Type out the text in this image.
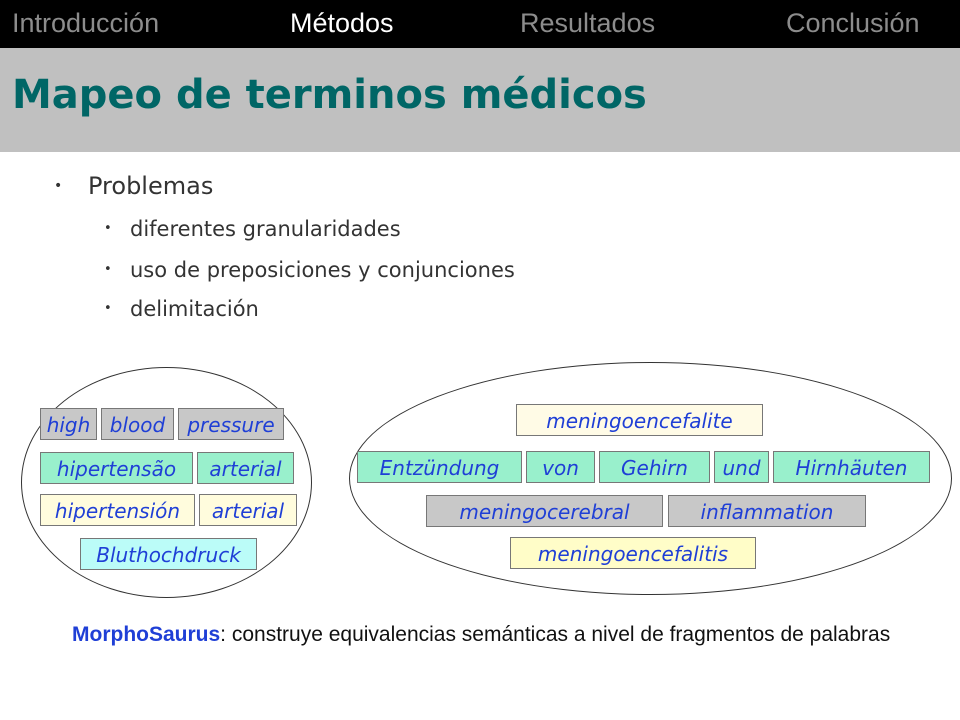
Introducción	Métodos	Resultados	Conclusión
Mapeo de terminos médicos
• Problemas
• diferentes granularidades
• uso de preposiciones y conjunciones
• delimitación
high blood	pressure
hipertensão	arterial
hipertensión	arterial
Bluthochdruck
meningoencefalite
Entzündung	von	Gehirn	und	Hirnhäuten
meningocerebral	inflammation
meningoencefalitis
MorphoSaurus: construye equivalencias semánticas a nivel de fragmentos de palabras
